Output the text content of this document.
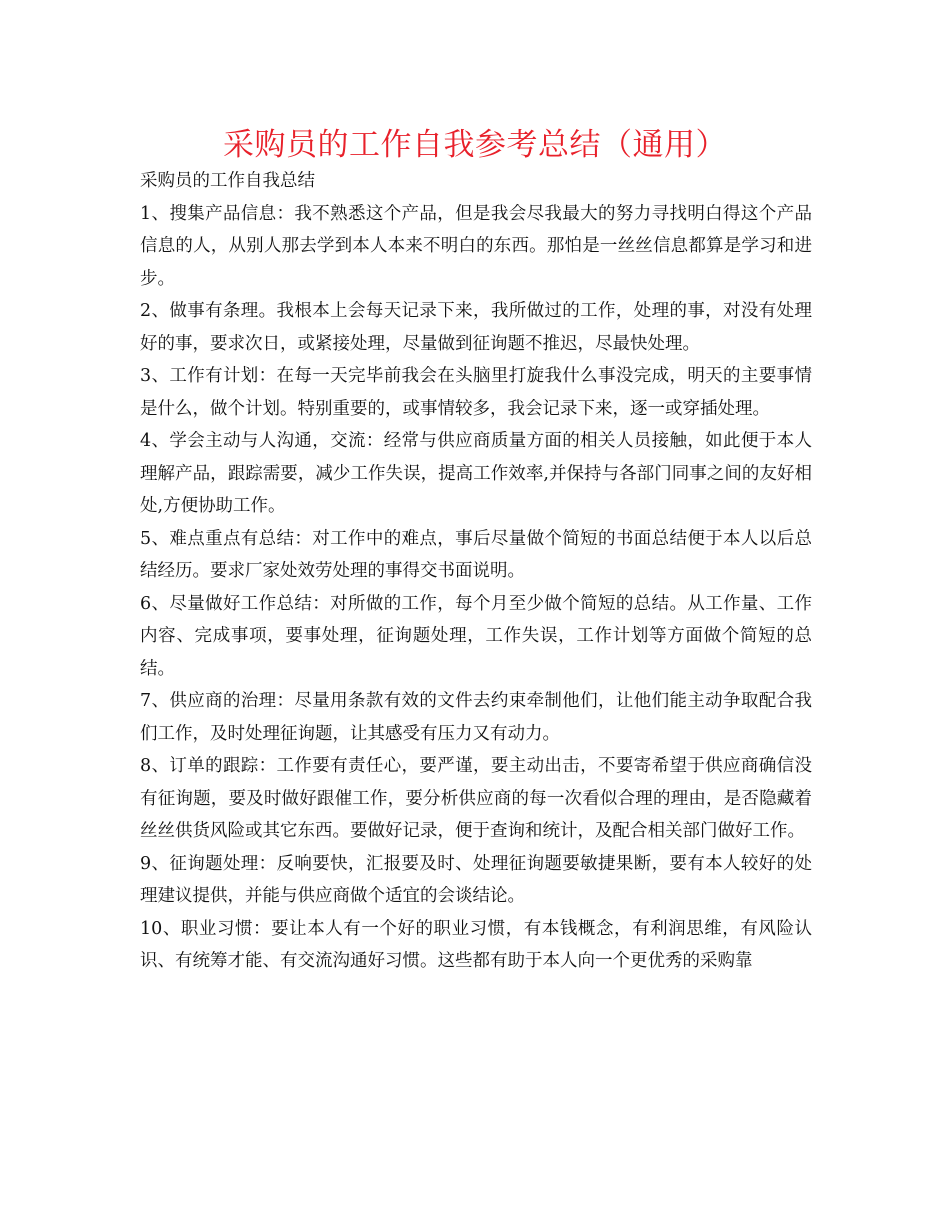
采购员的工作自我参考总结（通用）

采购员的工作自我总结

1、搜集产品信息：我不熟悉这个产品，但是我会尽我最大的努力寻找明白得这个产品信息的人，从别人那去学到本人本来不明白的东西。那怕是一丝丝信息都算是学习和进步。

2、做事有条理。我根本上会每天记录下来，我所做过的工作，处理的事，对没有处理好的事，要求次日，或紧接处理，尽量做到征询题不推迟，尽最快处理。

3、工作有计划：在每一天完毕前我会在头脑里打旋我什么事没完成，明天的主要事情是什么，做个计划。特别重要的，或事情较多，我会记录下来，逐一或穿插处理。

4、学会主动与人沟通，交流：经常与供应商质量方面的相关人员接触，如此便于本人理解产品，跟踪需要，减少工作失误，提高工作效率,并保持与各部门同事之间的友好相处,方便协助工作。

5、难点重点有总结：对工作中的难点，事后尽量做个简短的书面总结便于本人以后总结经历。要求厂家处效劳处理的事得交书面说明。

6、尽量做好工作总结：对所做的工作，每个月至少做个简短的总结。从工作量、工作内容、完成事项，要事处理，征询题处理，工作失误，工作计划等方面做个简短的总结。

7、供应商的治理：尽量用条款有效的文件去约束牵制他们，让他们能主动争取配合我们工作，及时处理征询题，让其感受有压力又有动力。

8、订单的跟踪：工作要有责任心，要严谨，要主动出击，不要寄希望于供应商确信没有征询题，要及时做好跟催工作，要分析供应商的每一次看似合理的理由，是否隐藏着丝丝供货风险或其它东西。要做好记录，便于查询和统计，及配合相关部门做好工作。

9、征询题处理：反响要快，汇报要及时、处理征询题要敏捷果断，要有本人较好的处理建议提供，并能与供应商做个适宜的会谈结论。

10、职业习惯：要让本人有一个好的职业习惯，有本钱概念，有利润思维，有风险认识、有统筹才能、有交流沟通好习惯。这些都有助于本人向一个更优秀的采购靠
